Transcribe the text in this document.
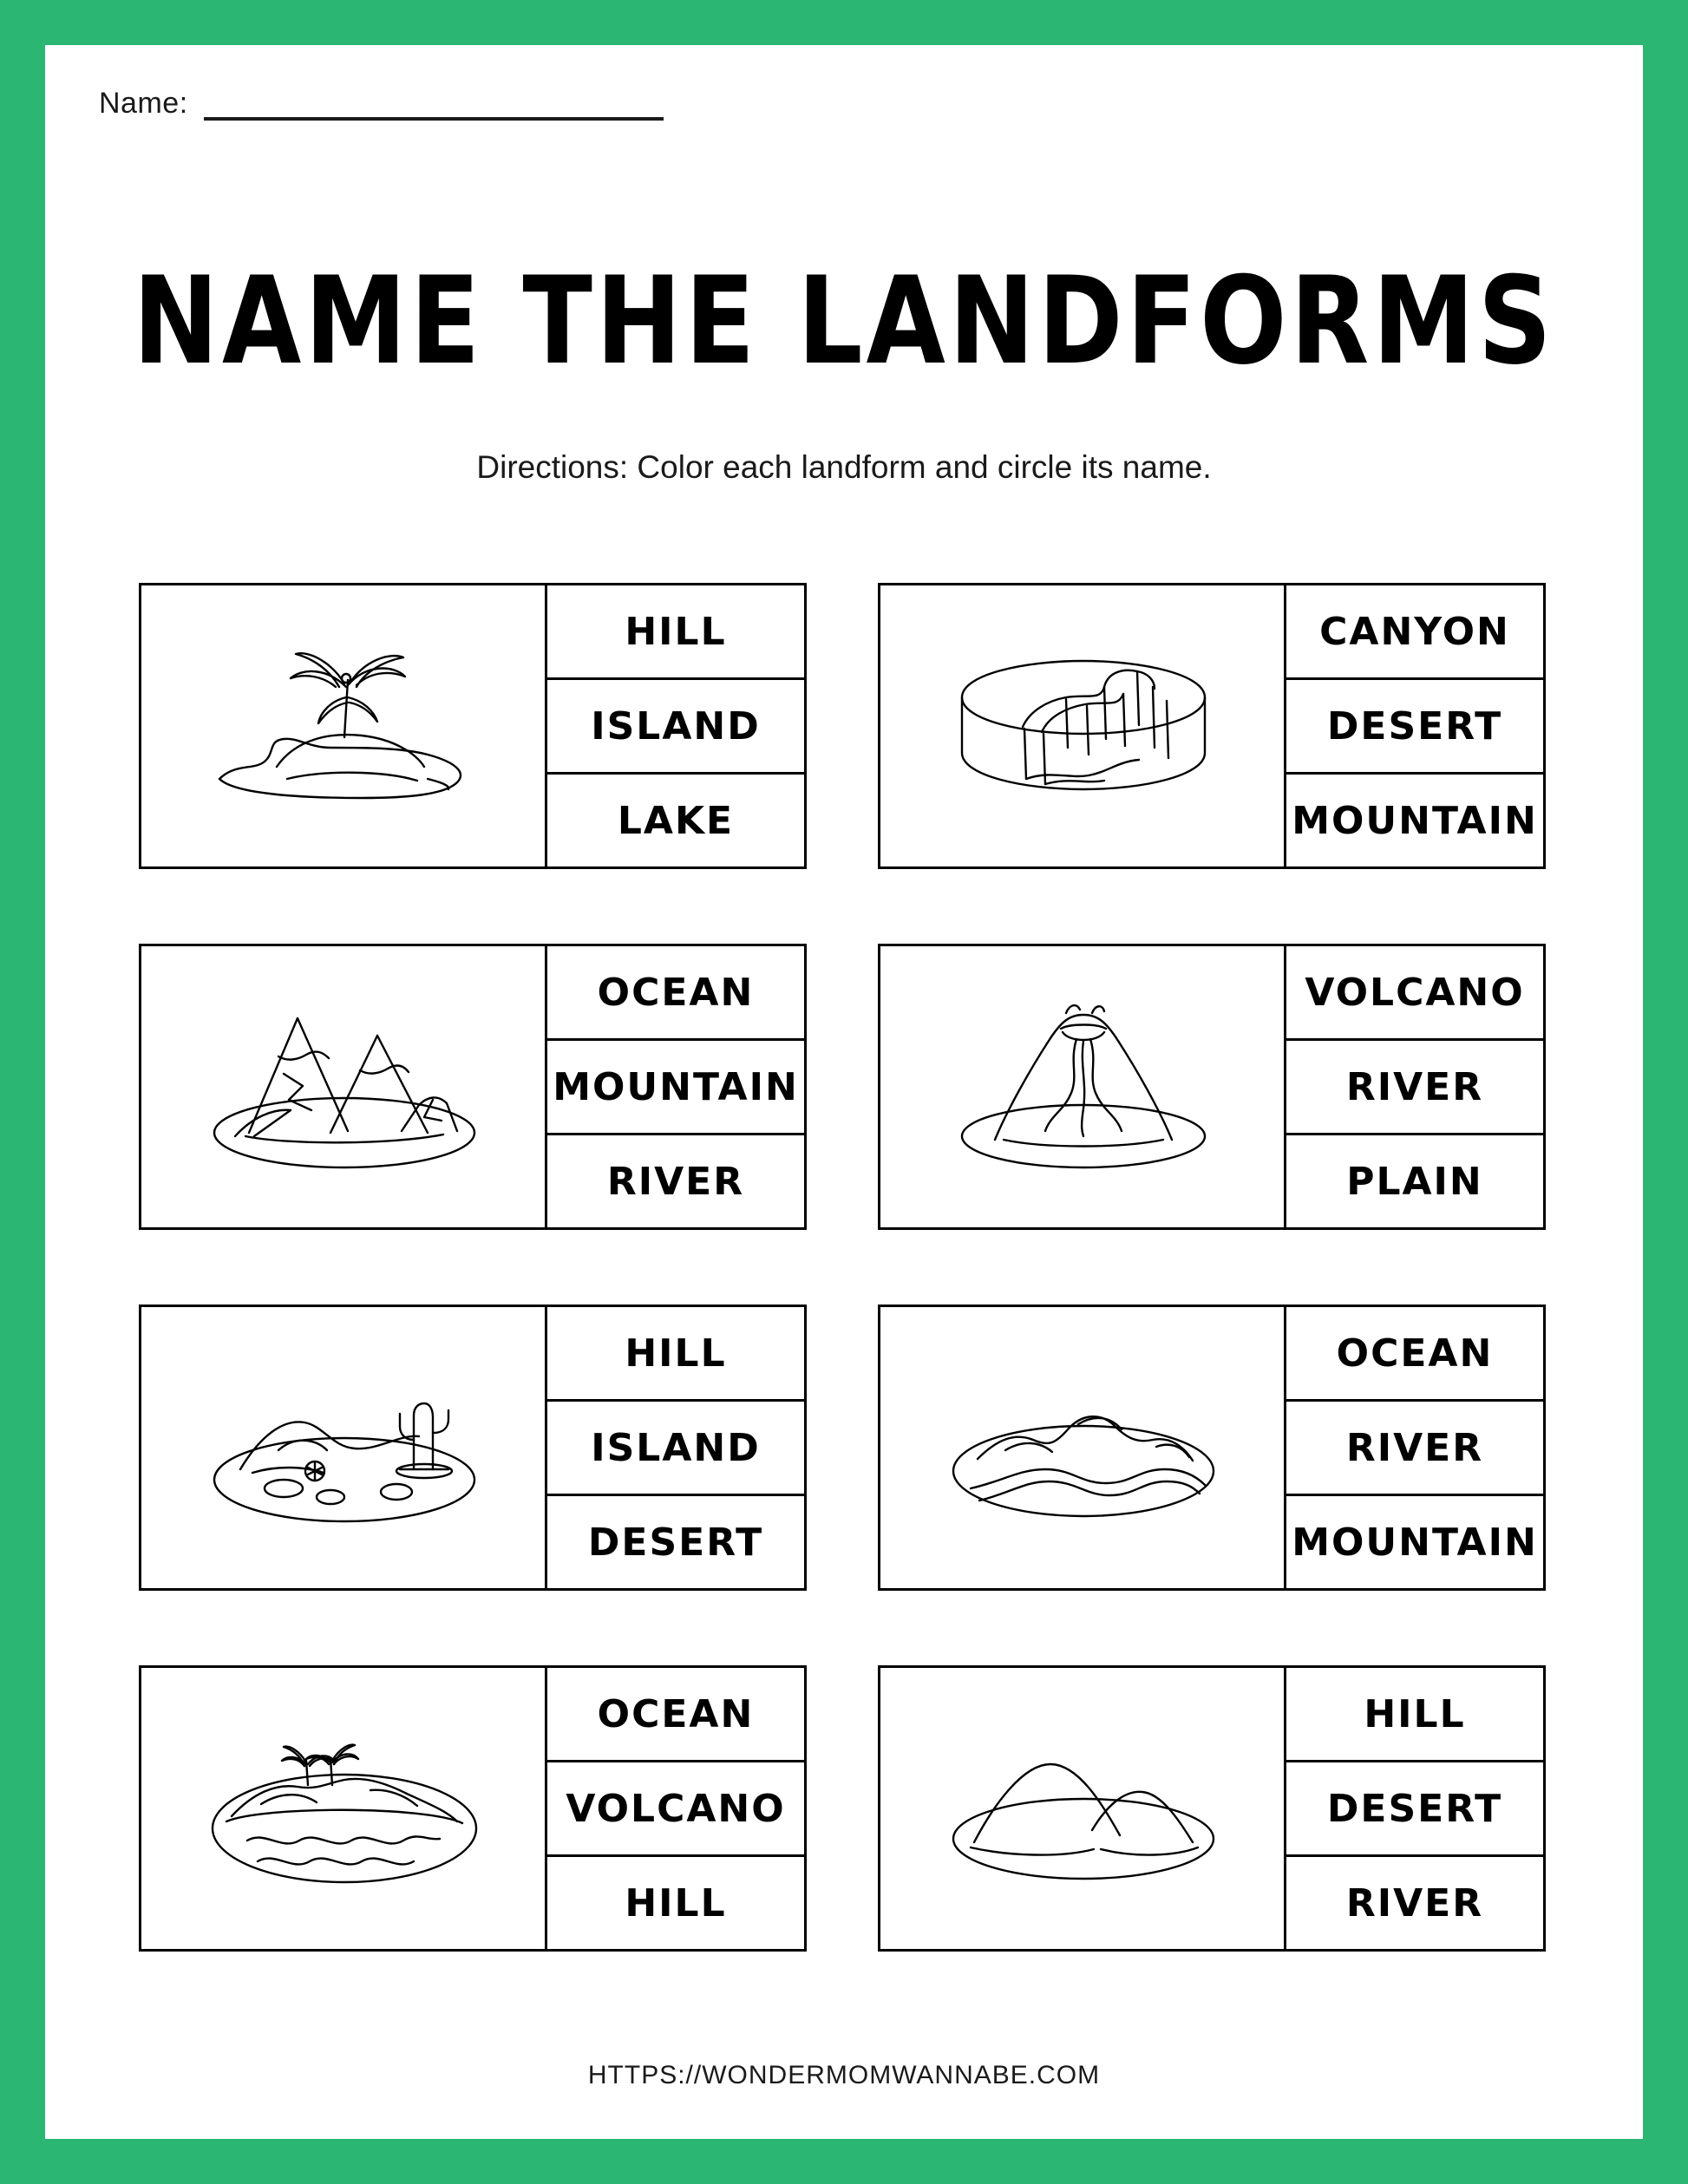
Name:
NAME THE LANDFORMS
Directions: Color each landform and circle its name.
HILL
ISLAND
LAKE
CANYON
DESERT
MOUNTAIN
OCEAN
MOUNTAIN
RIVER
VOLCANO
RIVER
PLAIN
HILL
ISLAND
DESERT
OCEAN
RIVER
MOUNTAIN
OCEAN
VOLCANO
HILL
HILL
DESERT
RIVER
HTTPS://WONDERMOMWANNABE.COM
